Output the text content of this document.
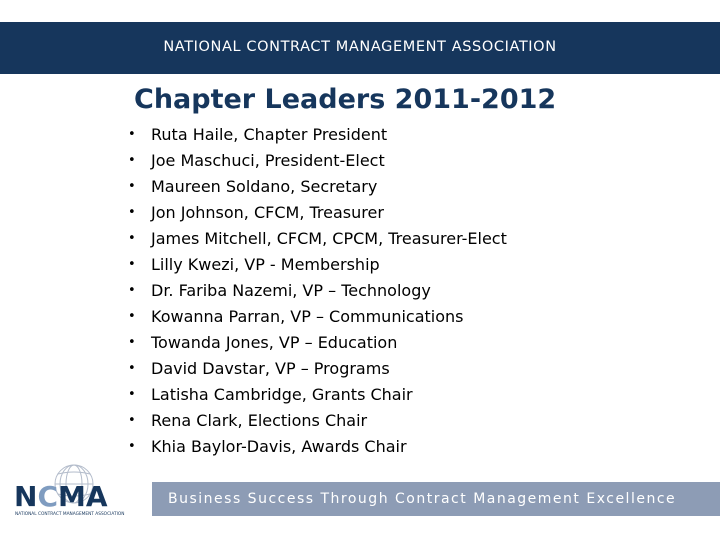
NATIONAL CONTRACT MANAGEMENT ASSOCIATION
Chapter Leaders 2011-2012
• Ruta Haile, Chapter President
• Joe Maschuci, President-Elect
• Maureen Soldano, Secretary
• Jon Johnson, CFCM, Treasurer
• James Mitchell, CFCM, CPCM, Treasurer-Elect
• Lilly Kwezi, VP - Membership
• Dr. Fariba Nazemi, VP – Technology
• Kowanna Parran, VP – Communications
• Towanda Jones, VP – Education
• David Davstar, VP – Programs
• Latisha Cambridge, Grants Chair
• Rena Clark, Elections Chair
• Khia Baylor-Davis, Awards Chair
NCMA
NATIONAL CONTRACT MANAGEMENT ASSOCIATION
Business Success Through Contract Management Excellence
